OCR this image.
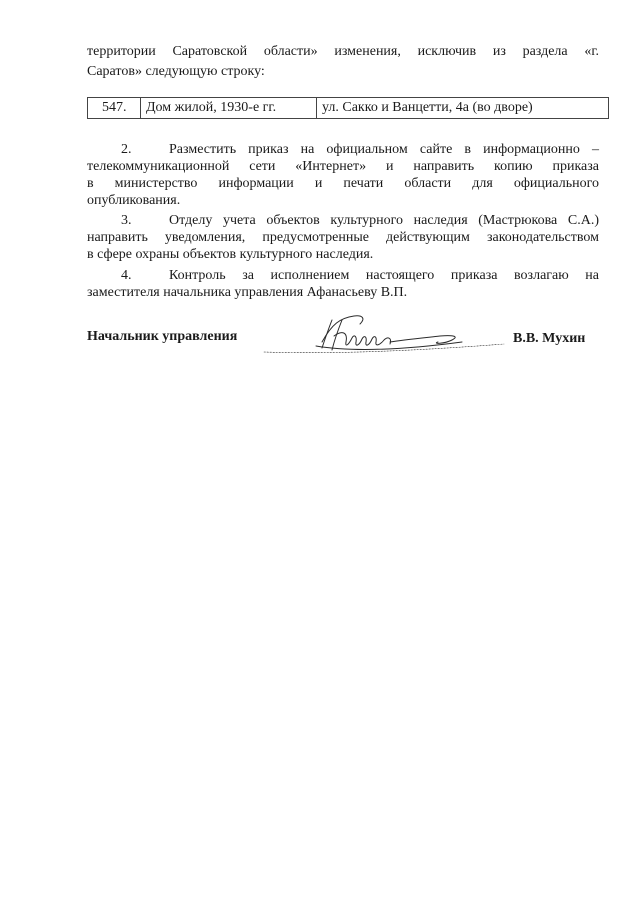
территории Саратовской области» изменения, исключив из раздела «г.
Саратов» следующую строку:
547. Дом жилой, 1930-е гг.	ул. Сакко и Ванцетти, 4а (во дворе)
2.	Разместить приказ на официальном сайте в информационно –
телекоммуникационной сети «Интернет» и направить копию приказа
в министерство информации и печати области для официального
опубликования.
3.	Отделу учета объектов культурного наследия (Мастрюкова С.А.)
направить уведомления, предусмотренные действующим законодательством
в сфере охраны объектов культурного наследия.
4.	Контроль за исполнением настоящего приказа возлагаю на
заместителя начальника управления Афанасьеву В.П.
Начальник управления	В.В. Мухин
